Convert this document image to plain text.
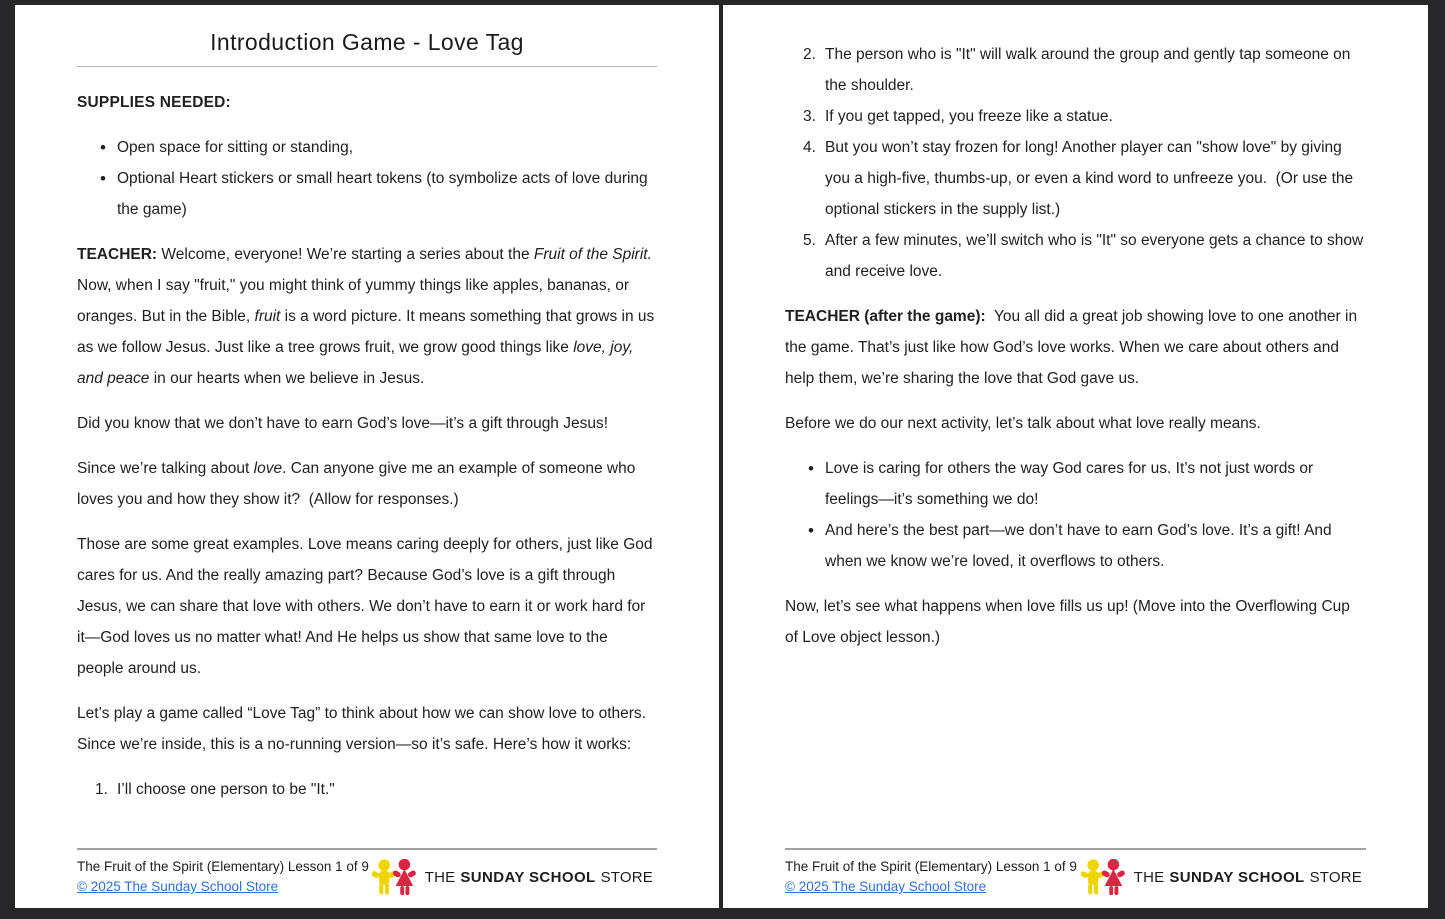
Introduction Game - Love Tag

SUPPLIES NEEDED:

• Open space for sitting or standing,
• Optional Heart stickers or small heart tokens (to symbolize acts of love during the game)

TEACHER: Welcome, everyone! We’re starting a series about the Fruit of the Spirit. Now, when I say "fruit," you might think of yummy things like apples, bananas, or oranges. But in the Bible, fruit is a word picture. It means something that grows in us as we follow Jesus. Just like a tree grows fruit, we grow good things like love, joy, and peace in our hearts when we believe in Jesus.

Did you know that we don’t have to earn God’s love—it’s a gift through Jesus!

Since we’re talking about love. Can anyone give me an example of someone who loves you and how they show it?  (Allow for responses.)

Those are some great examples. Love means caring deeply for others, just like God cares for us. And the really amazing part? Because God’s love is a gift through Jesus, we can share that love with others. We don’t have to earn it or work hard for it—God loves us no matter what! And He helps us show that same love to the people around us.

Let’s play a game called “Love Tag” to think about how we can show love to others. Since we’re inside, this is a no-running version—so it’s safe. Here’s how it works:

1. I’ll choose one person to be "It."
The Fruit of the Spirit (Elementary) Lesson 1 of 9
© 2025 The Sunday School Store
THE SUNDAY SCHOOL STORE
2. The person who is "It" will walk around the group and gently tap someone on the shoulder.
3. If you get tapped, you freeze like a statue.
4. But you won’t stay frozen for long! Another player can "show love" by giving you a high-five, thumbs-up, or even a kind word to unfreeze you.  (Or use the optional stickers in the supply list.)
5. After a few minutes, we’ll switch who is "It" so everyone gets a chance to show and receive love.

TEACHER (after the game):  You all did a great job showing love to one another in the game. That’s just like how God’s love works. When we care about others and help them, we’re sharing the love that God gave us.

Before we do our next activity, let’s talk about what love really means.

• Love is caring for others the way God cares for us. It’s not just words or feelings—it’s something we do!
• And here’s the best part—we don’t have to earn God’s love. It’s a gift! And when we know we’re loved, it overflows to others.

Now, let’s see what happens when love fills us up! (Move into the Overflowing Cup of Love object lesson.)

The Fruit of the Spirit (Elementary) Lesson 1 of 9
© 2025 The Sunday School Store
THE SUNDAY SCHOOL STORE
